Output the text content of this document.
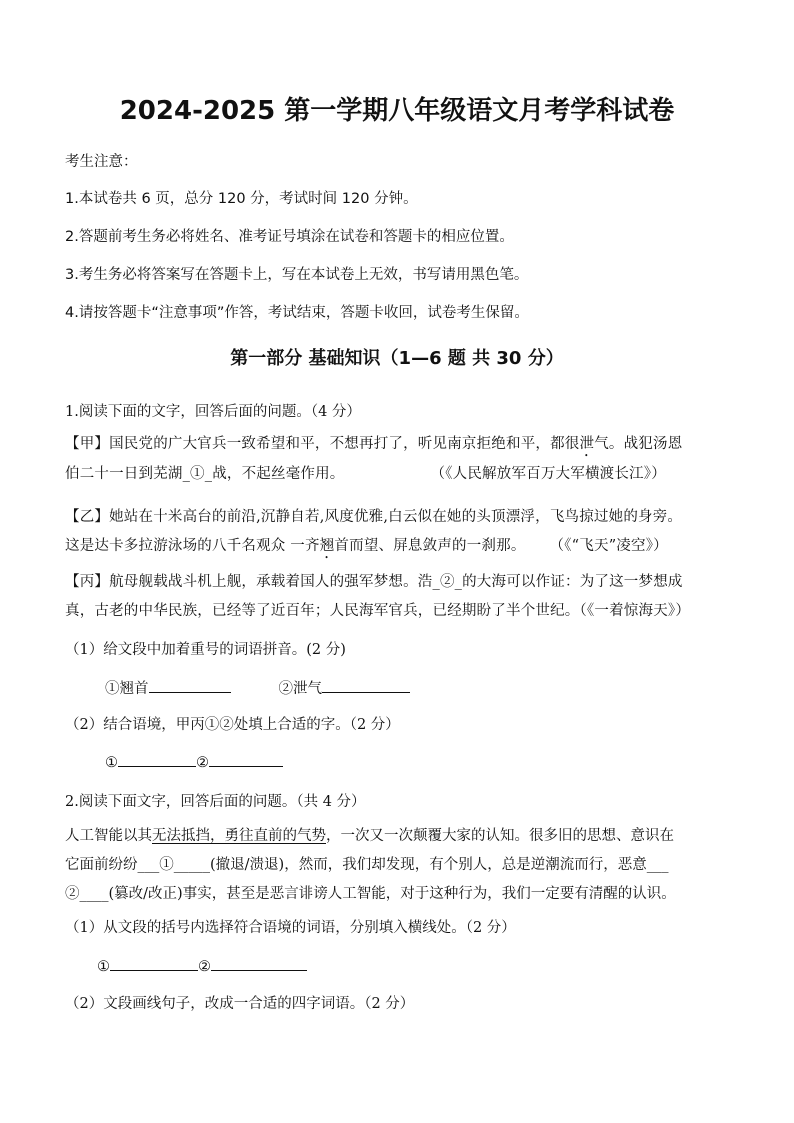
2024-2025 第一学期八年级语文月考学科试卷
考生注意：
1.本试卷共 6 页，总分 120 分，考试时间 120 分钟。
2.答题前考生务必将姓名、准考证号填涂在试卷和答题卡的相应位置。
3.考生务必将答案写在答题卡上，写在本试卷上无效，书写请用黑色笔。
4.请按答题卡“注意事项”作答，考试结束，答题卡收回，试卷考生保留。
第一部分 基础知识（1—6 题 共 30 分）
1.阅读下面的文字，回答后面的问题。（4 分）
【甲】国民党的广大官兵一致希望和平，不想再打了，听见南京拒绝和平，都很泄气。战犯汤恩
伯二十一日到芜湖_①_战，不起丝毫作用。	（《人民解放军百万大军横渡长江》）
【乙】她站在十米高台的前沿,沉静自若,风度优雅,白云似在她的头顶漂浮，飞鸟掠过她的身旁。
这是达卡多拉游泳场的八千名观众 一齐翘首而望、屏息敛声的一刹那。 （《“飞天”凌空》）
【丙】航母舰载战斗机上舰，承载着国人的强军梦想。浩_②_的大海可以作证：为了这一梦想成
真，古老的中华民族，已经等了近百年；人民海军官兵，已经期盼了半个世纪。（《一着惊海天》）
（1）给文段中加着重号的词语拼音。(2 分)
①翘首	②泄气
（2）结合语境，甲丙①②处填上合适的字。（2 分）
①	②
2.阅读下面文字，回答后面的问题。（共 4 分）
人工智能以其无法抵挡，勇往直前的气势，一次又一次颠覆大家的认知。很多旧的思想、意识在
它面前纷纷___①_____(撤退/溃退)，然而，我们却发现，有个别人，总是逆潮流而行，恶意___
②____(篡改/改正)事实，甚至是恶言诽谤人工智能，对于这种行为，我们一定要有清醒的认识。
（1）从文段的括号内选择符合语境的词语，分别填入横线处。（2 分）
①	②
（2）文段画线句子，改成一合适的四字词语。（2 分）
